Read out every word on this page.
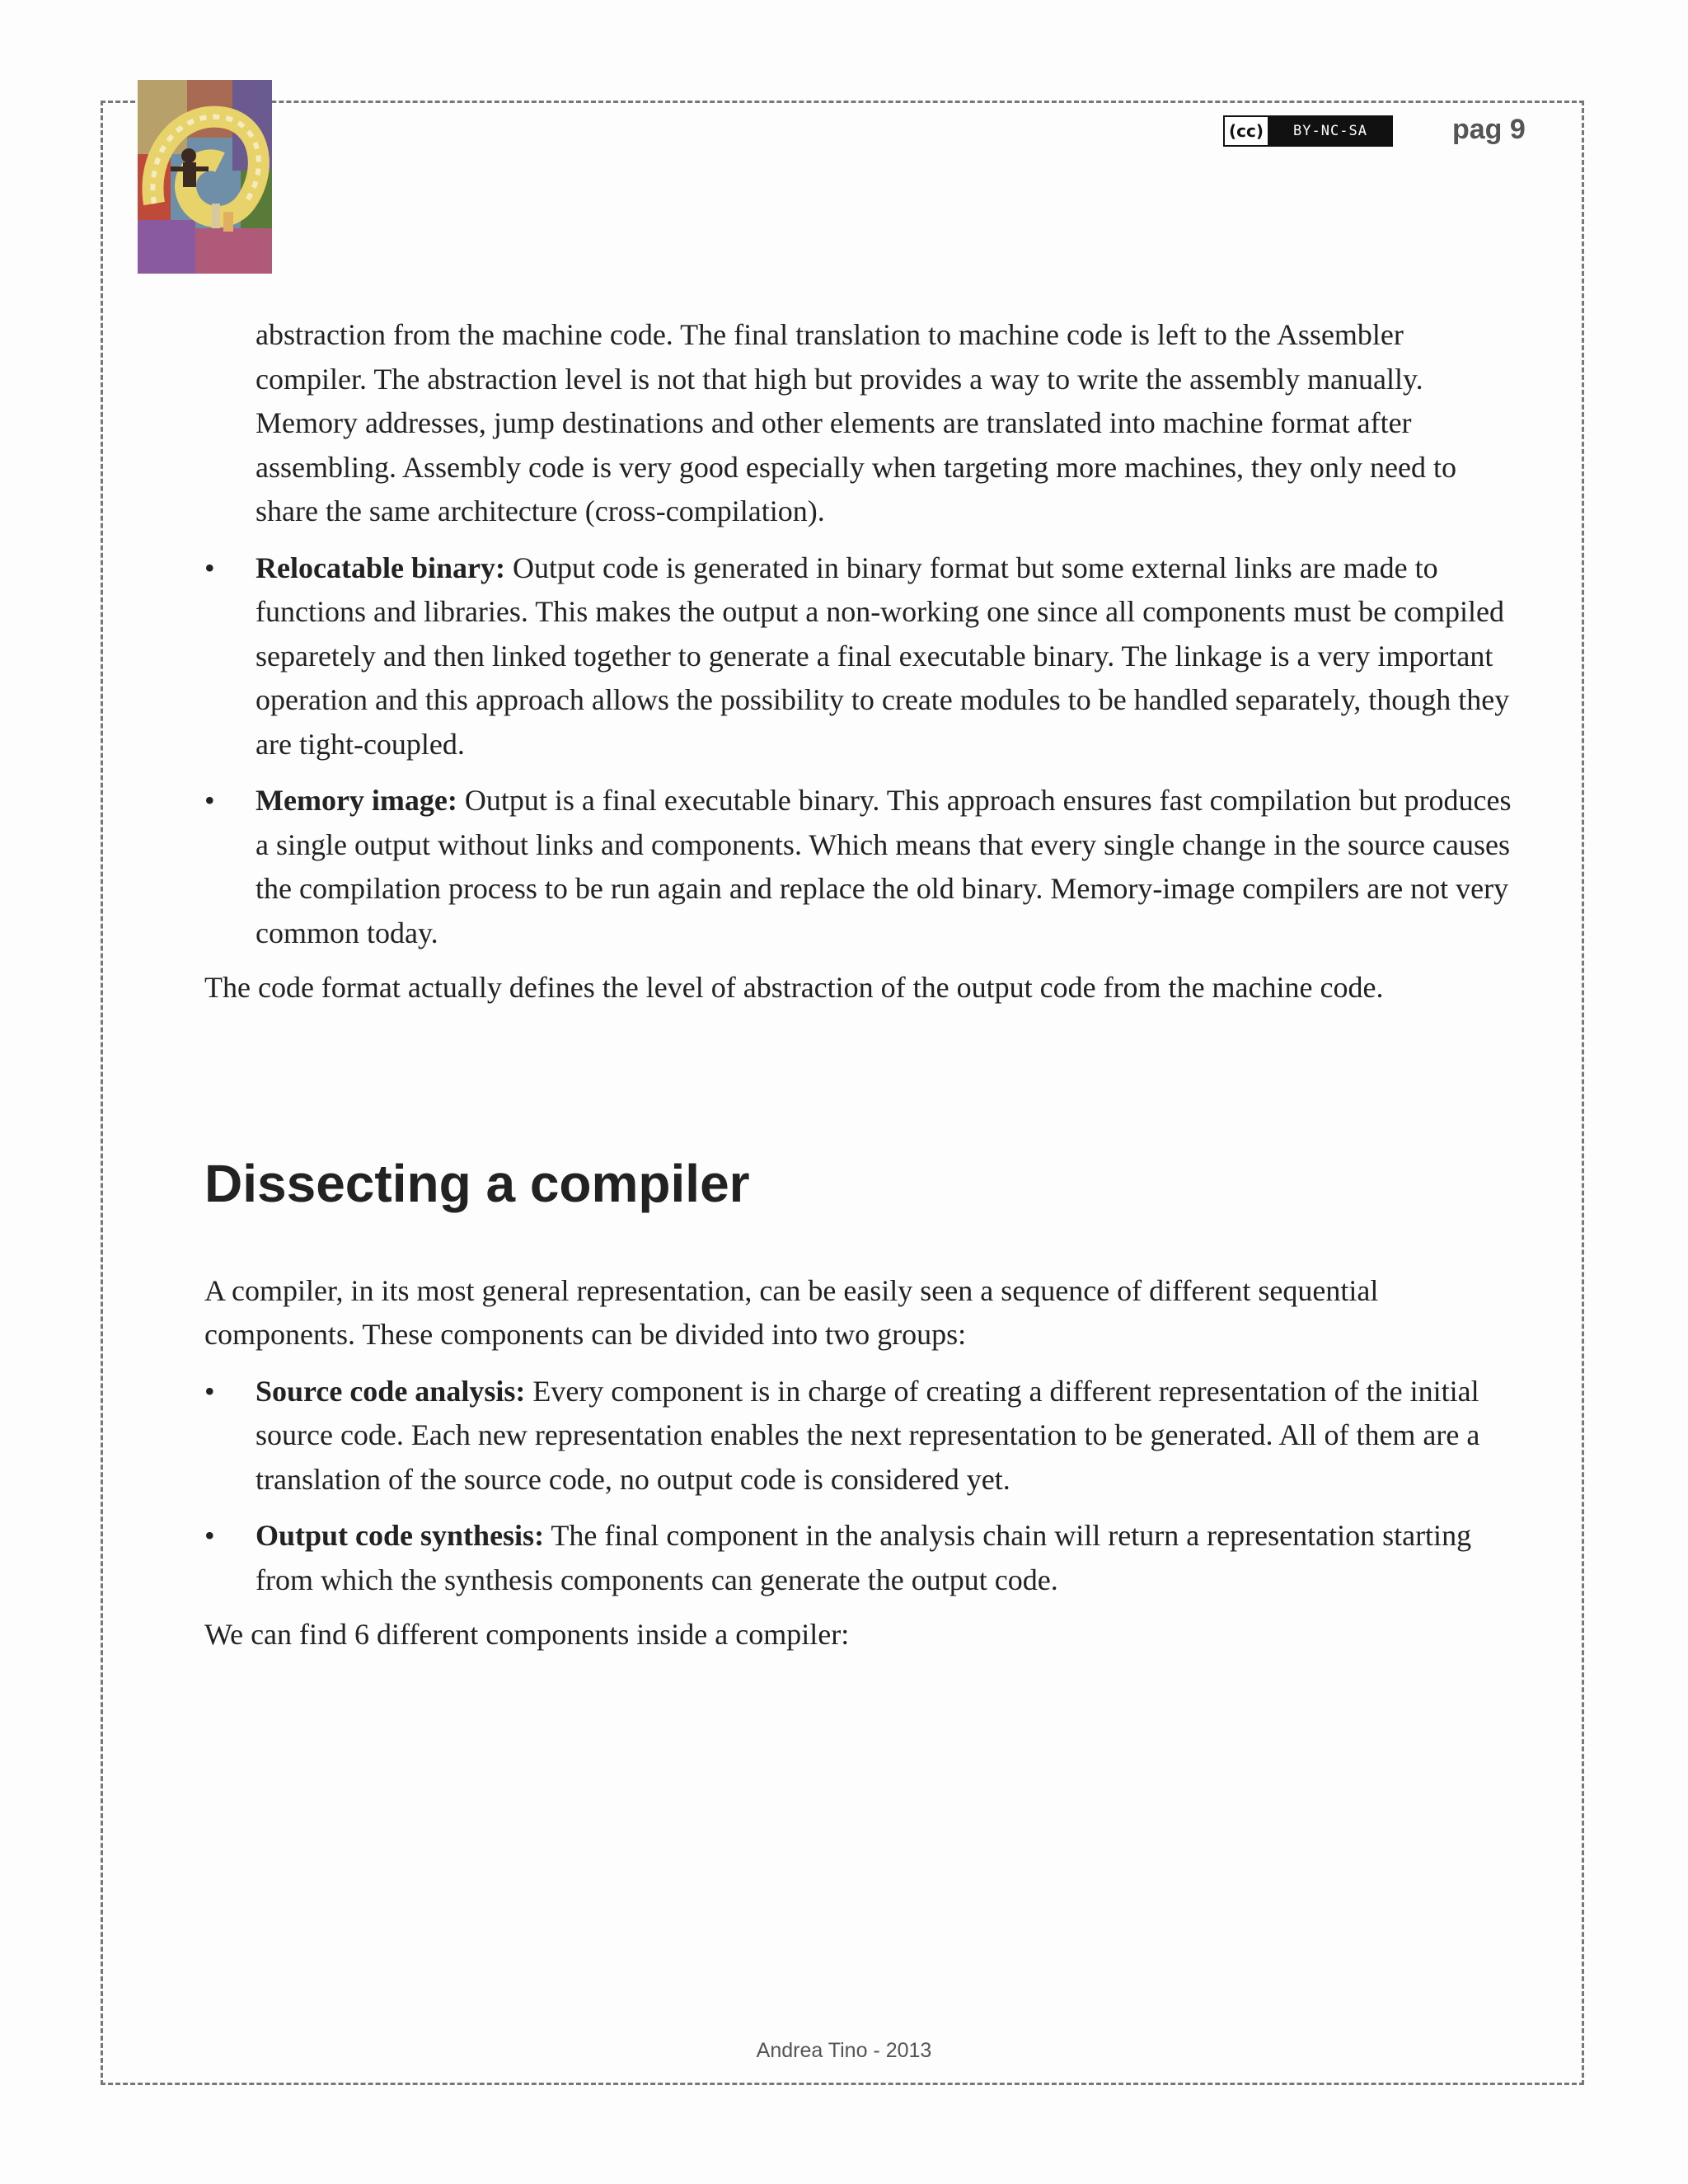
(cc)	BY-NC-SA	pag 9

abstraction from the machine code. The final translation to machine code is left to the Assembler compiler. The abstraction level is not that high but provides a way to write the assembly manually. Memory addresses, jump destinations and other elements are translated into machine format after assembling. Assembly code is very good especially when targeting more machines, they only need to share the same architecture (cross-compilation).

• Relocatable binary: Output code is generated in binary format but some external links are made to functions and libraries. This makes the output a non-working one since all components must be compiled separetely and then linked together to generate a final executable binary. The linkage is a very important operation and this approach allows the possibility to create modules to be handled separately, though they are tight-coupled.
• Memory image: Output is a final executable binary. This approach ensures fast compilation but produces a single output without links and components. Which means that every single change in the source causes the compilation process to be run again and replace the old binary. Memory-image compilers are not very common today.

The code format actually defines the level of abstraction of the output code from the machine code.

Dissecting a compiler

A compiler, in its most general representation, can be easily seen a sequence of different sequential components. These components can be divided into two groups:

• Source code analysis: Every component is in charge of creating a different representation of the initial source code. Each new representation enables the next representation to be generated. All of them are a translation of the source code, no output code is considered yet.
• Output code synthesis: The final component in the analysis chain will return a representation starting from which the synthesis components can generate the output code.

We can find 6 different components inside a compiler:

Andrea Tino - 2013
